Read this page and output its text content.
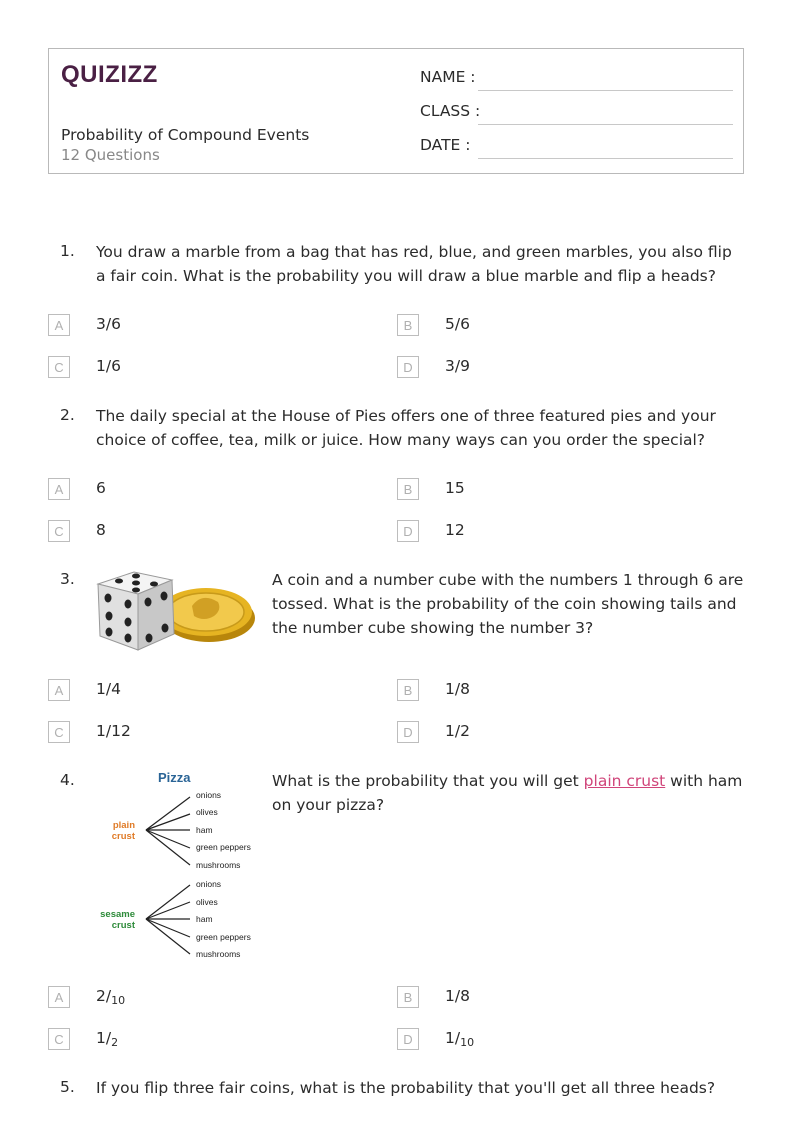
QUIZIZZ
Probability of Compound Events
12 Questions
NAME :
CLASS :
DATE :
1. You draw a marble from a bag that has red, blue, and green marbles, you also flip a fair coin. What is the probability you will draw a blue marble and flip a heads?
A	3/6	B	5/6
C	1/6	D	3/9
2. The daily special at the House of Pies offers one of three featured pies and your choice of coffee, tea, milk or juice. How many ways can you order the special?
A	6	B	15
C	8	D	12
3.	A coin and a number cube with the numbers 1 through 6 are tossed. What is the probability of the coin showing tails and the number cube showing the number 3?
A	1/4	B	1/8
C	1/12	D	1/2
4.	Pizza
plain
crust
sesame
crust
onions
olives
ham
green peppers
mushrooms
onions
olives
ham
green peppers
mushrooms
What is the probability that you will get plain crust with ham on your pizza?
A	$2/_{10}$	B	1/8
C	$1/_2$	D	$1/_{10}$
5. If you flip three fair coins, what is the probability that you'll get all three heads?
